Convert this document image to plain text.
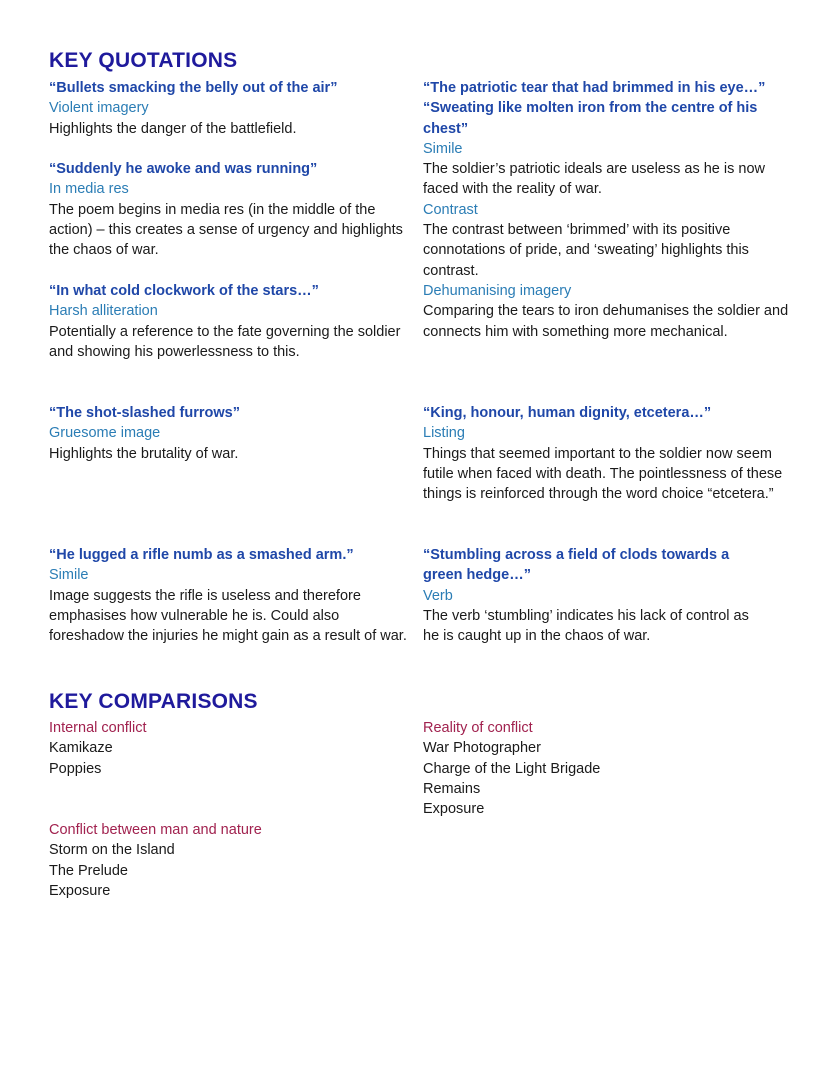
KEY QUOTATIONS
“Bullets smacking the belly out of the air”
Violent imagery
Highlights the danger of the battlefield.
“Suddenly he awoke and was running”
In media res
The poem begins in media res (in the middle of the action) – this creates a sense of urgency and highlights the chaos of war.
“In what cold clockwork of the stars…”
Harsh alliteration
Potentially a reference to the fate governing the soldier and showing his powerlessness to this.
“The shot-slashed furrows”
Gruesome image
Highlights the brutality of war.
“He lugged a rifle numb as a smashed arm.”
Simile
Image suggests the rifle is useless and therefore emphasises how vulnerable he is. Could also foreshadow the injuries he might gain as a result of war.
“The patriotic tear that had brimmed in his eye…”
“Sweating like molten iron from the centre of his chest”
Simile
The soldier’s patriotic ideals are useless as he is now faced with the reality of war.
Contrast
The contrast between ‘brimmed’ with its positive connotations of pride, and ‘sweating’ highlights this contrast.
Dehumanising imagery
Comparing the tears to iron dehumanises the soldier and connects him with something more mechanical.
“King, honour, human dignity, etcetera…”
Listing
Things that seemed important to the soldier now seem futile when faced with death. The pointlessness of these things is reinforced through the word choice “etcetera.”
“Stumbling across a field of clods towards a green hedge…”
Verb
The verb ‘stumbling’ indicates his lack of control as he is caught up in the chaos of war.
KEY COMPARISONS
Internal conflict
Kamikaze
Poppies
Reality of conflict
War Photographer
Charge of the Light Brigade
Remains
Exposure
Conflict between man and nature
Storm on the Island
The Prelude
Exposure
